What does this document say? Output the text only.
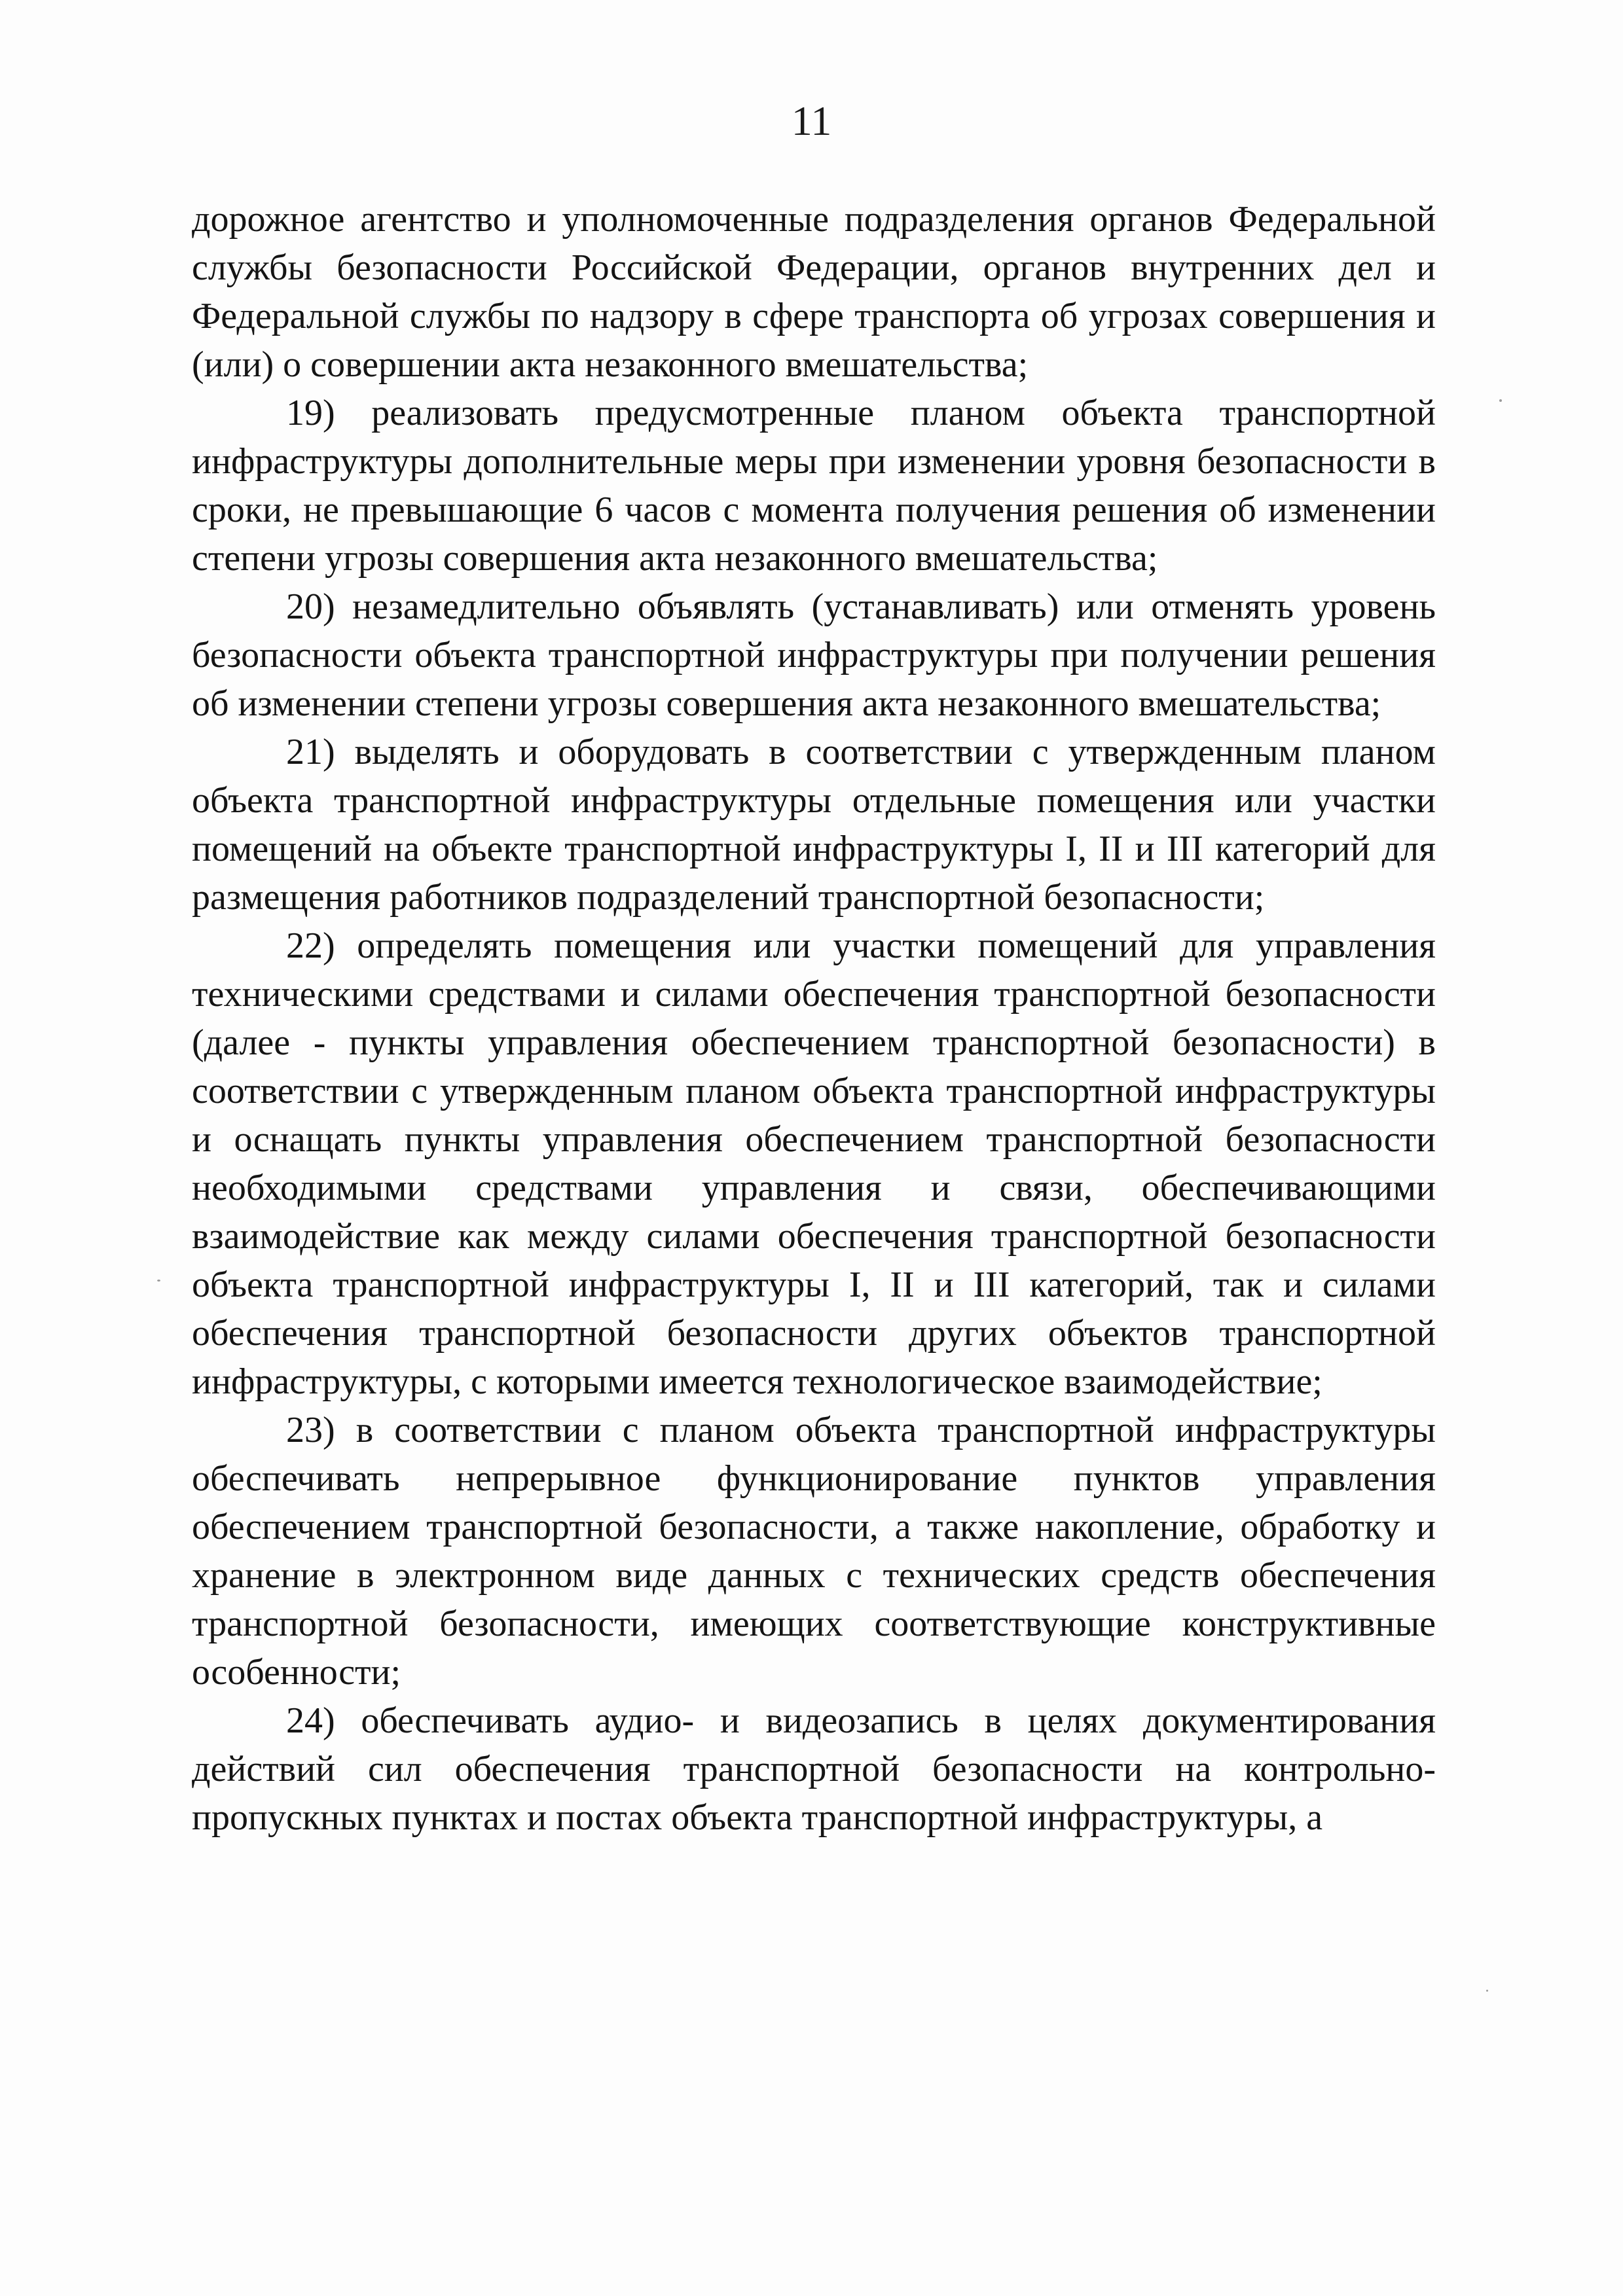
11

дорожное агентство и уполномоченные подразделения органов Федеральной службы безопасности Российской Федерации, органов внутренних дел и Федеральной службы по надзору в сфере транспорта об угрозах совершения и (или) о совершении акта незаконного вмешательства;

19) реализовать предусмотренные планом объекта транспортной инфраструктуры дополнительные меры при изменении уровня безопасности в сроки, не превышающие 6 часов с момента получения решения об изменении степени угрозы совершения акта незаконного вмешательства;

20) незамедлительно объявлять (устанавливать) или отменять уровень безопасности объекта транспортной инфраструктуры при получении решения об изменении степени угрозы совершения акта незаконного вмешательства;

21) выделять и оборудовать в соответствии с утвержденным планом объекта транспортной инфраструктуры отдельные помещения или участки помещений на объекте транспортной инфраструктуры I, II и III категорий для размещения работников подразделений транспортной безопасности;

22) определять помещения или участки помещений для управления техническими средствами и силами обеспечения транспортной безопасности (далее - пункты управления обеспечением транспортной безопасности) в соответствии с утвержденным планом объекта транспортной инфраструктуры и оснащать пункты управления обеспечением транспортной безопасности необходимыми средствами управления и связи, обеспечивающими взаимодействие как между силами обеспечения транспортной безопасности объекта транспортной инфраструктуры I, II и III категорий, так и силами обеспечения транспортной безопасности других объектов транспортной инфраструктуры, с которыми имеется технологическое взаимодействие;

23) в соответствии с планом объекта транспортной инфраструктуры обеспечивать непрерывное функционирование пунктов управления обеспечением транспортной безопасности, а также накопление, обработку и хранение в электронном виде данных с технических средств обеспечения транспортной безопасности, имеющих соответствующие конструктивные особенности;

24) обеспечивать аудио- и видеозапись в целях документирования действий сил обеспечения транспортной безопасности на контрольно-пропускных пунктах и постах объекта транспортной инфраструктуры, а
